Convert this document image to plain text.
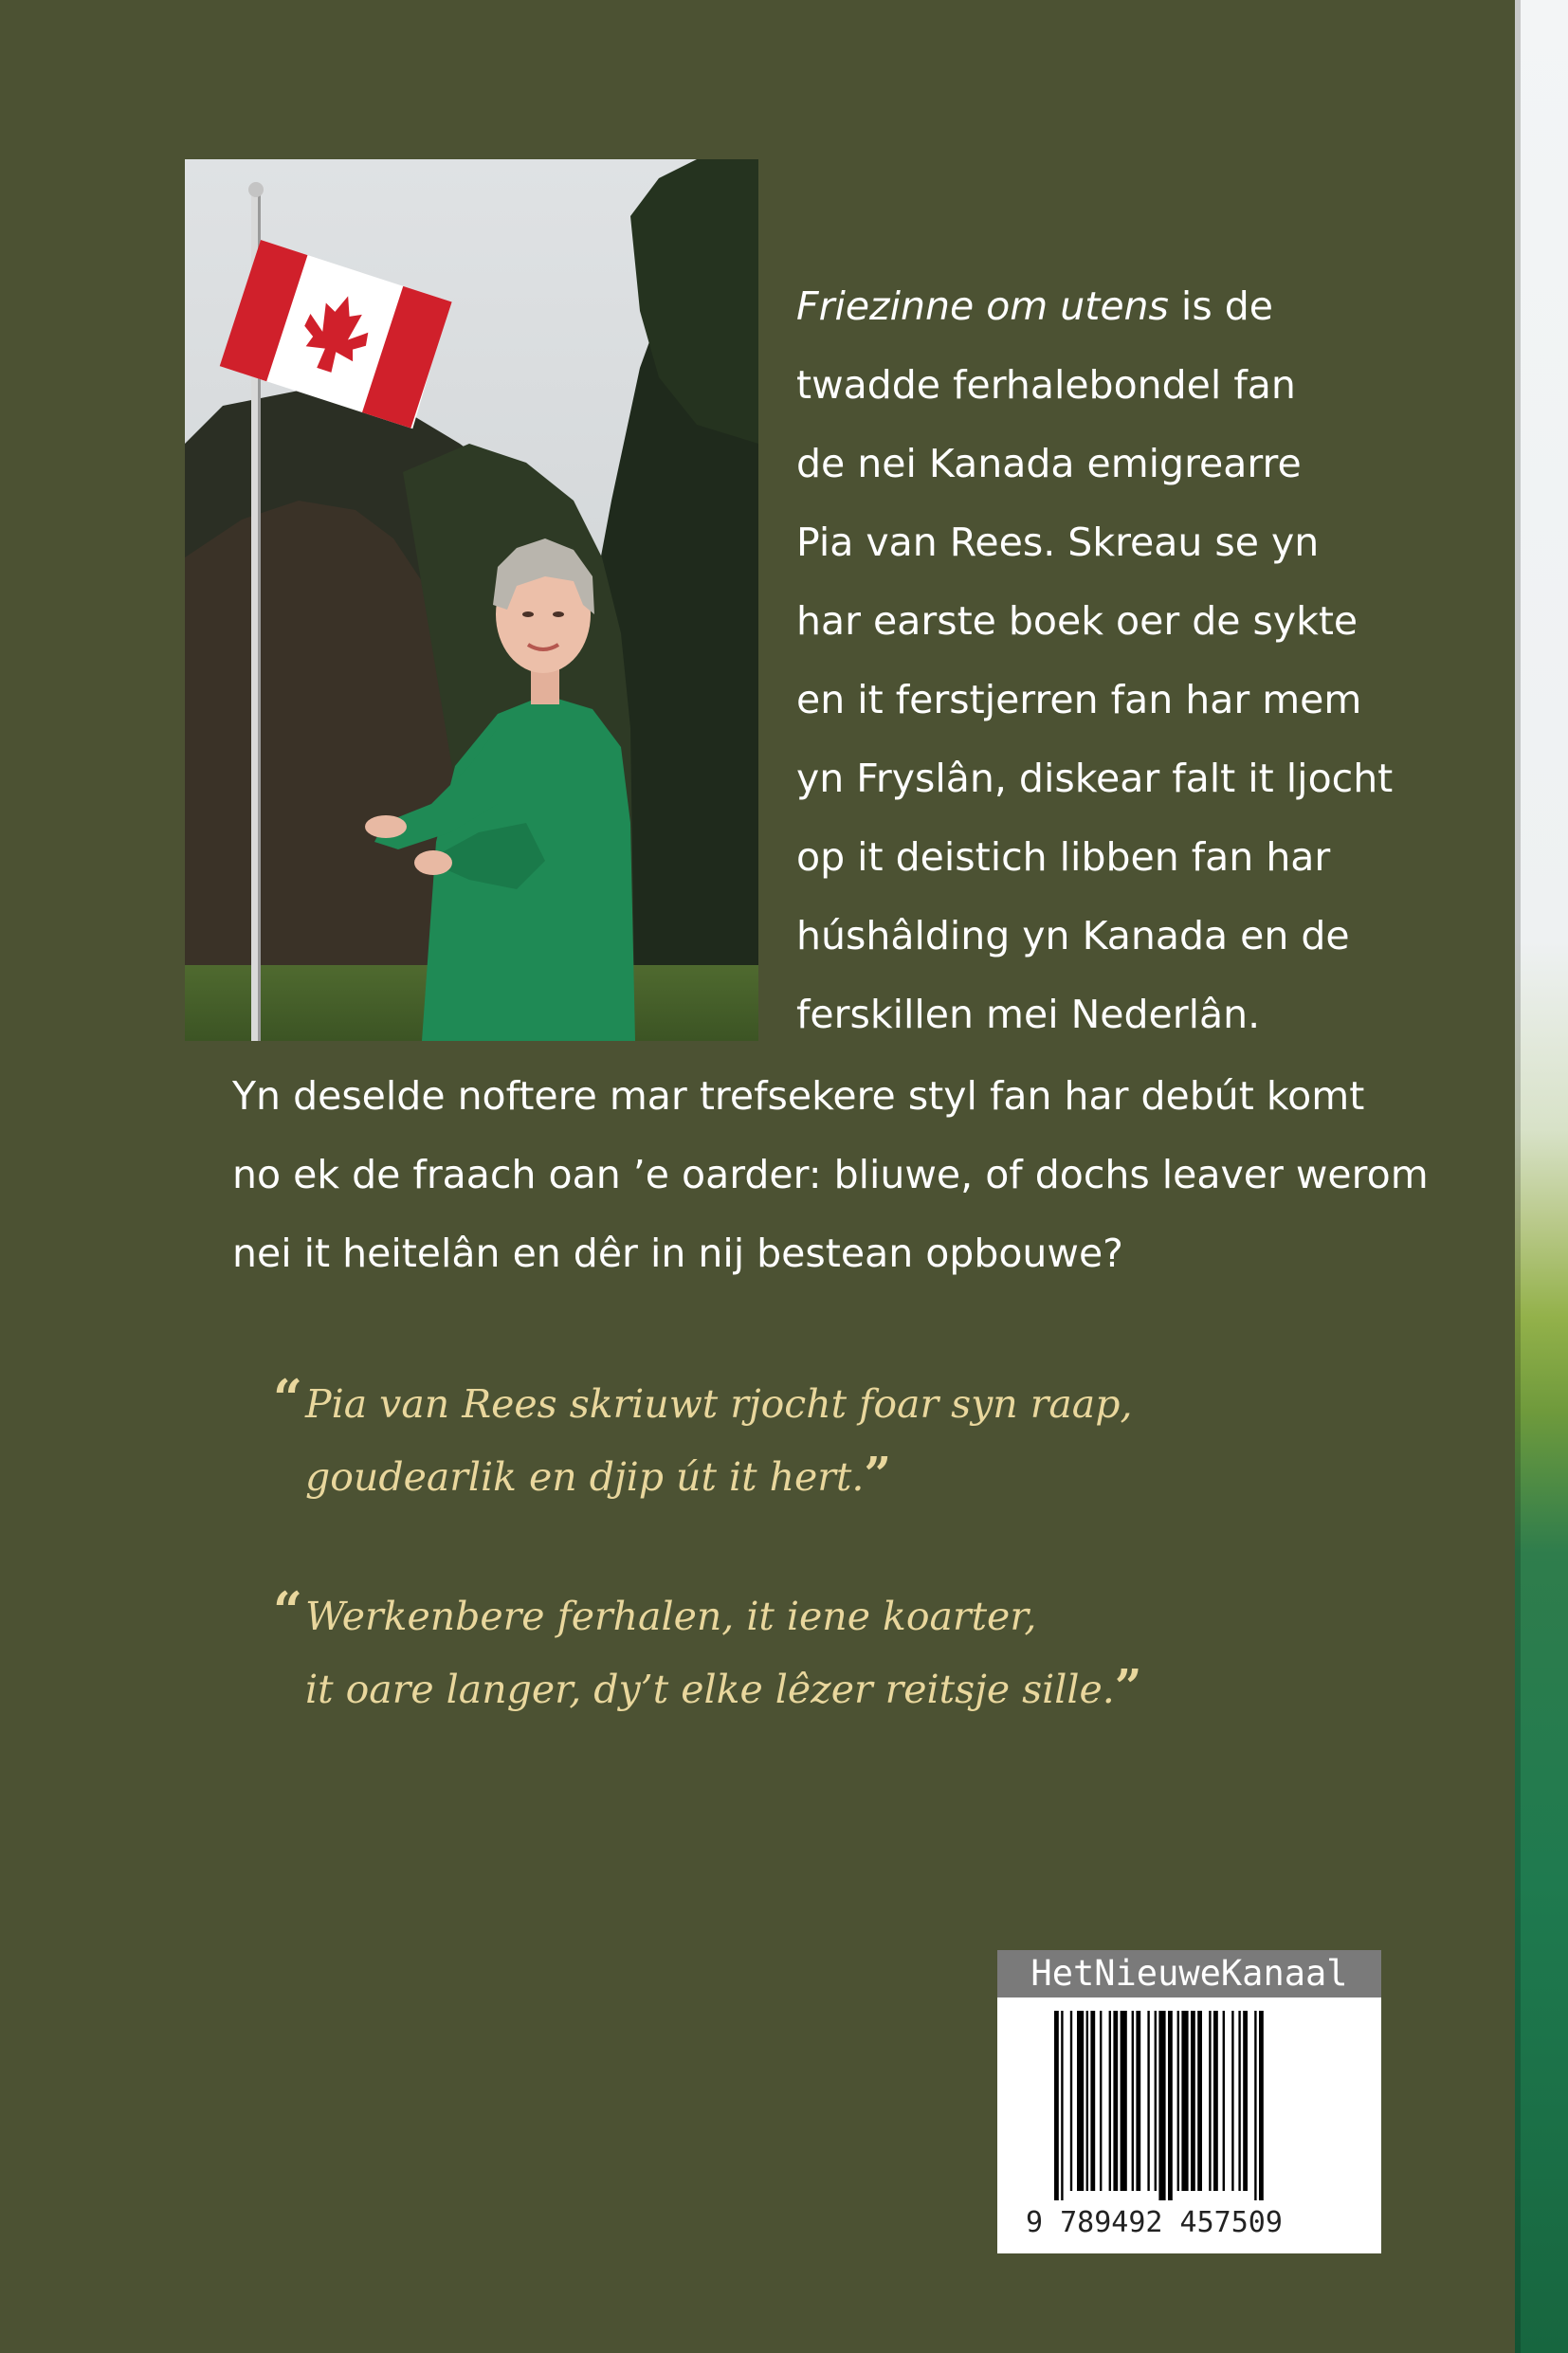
Friezinne om utens is de
twadde ferhalebondel fan
de nei Kanada emigrearre
Pia van Rees. Skreau se yn
har earste boek oer de sykte
en it ferstjerren fan har mem
yn Fryslân, diskear falt it ljocht
op it deistich libben fan har
húshâlding yn Kanada en de
ferskillen mei Nederlân.
Yn deselde noftere mar trefsekere styl fan har debút komt
no ek de fraach oan ’e oarder: bliuwe, of dochs leaver werom
nei it heitelân en dêr in nij bestean opbouwe?
“ Pia van Rees skriuwt rjocht foar syn raap,
goudearlik en djip út it hert.”
“ Werkenbere ferhalen, it iene koarter,
it oare langer, dy’t elke lêzer reitsje sille.”
HetNieuweKanaal
9 789492 457509
